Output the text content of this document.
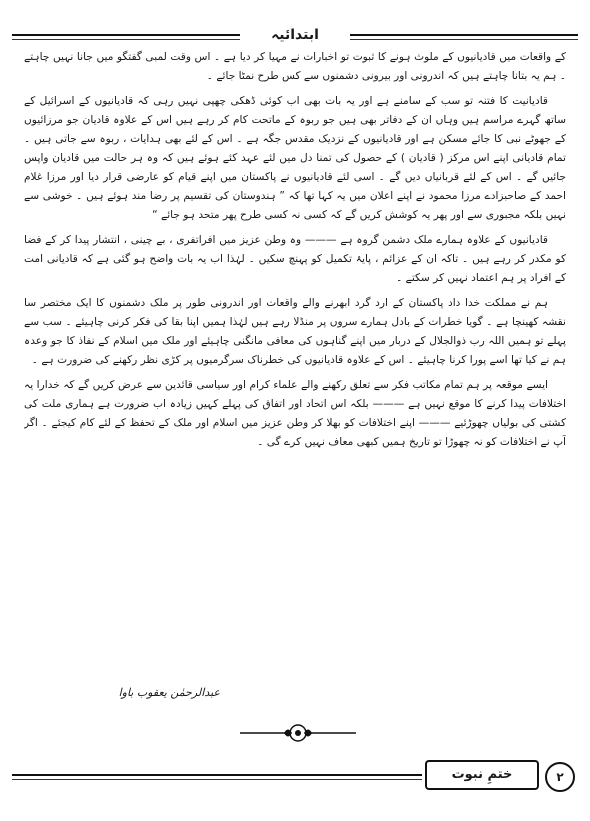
ابتدائیہ

کے واقعات میں قادیانیوں کے ملوث ہونے کا ثبوت تو اخبارات نے مہیا کر دیا ہے ۔ اس وقت لمبی گفتگو میں جانا نہیں چاہتے ۔ ہم یہ بتانا چاہتے ہیں کہ اندرونی اور بیرونی دشمنوں سے کس طرح نمٹا جائے ۔

قادیانیت کا فتنہ تو سب کے سامنے ہے اور یہ بات بھی اب کوئی ڈھکی چھپی نہیں رہی کہ قادیانیوں کے اسرائیل کے ساتھ گہرے مراسم ہیں وہاں ان کے دفاتر بھی ہیں جو ربوہ کے ماتحت کام کر رہے ہیں اس کے علاوہ قادیان جو مرزائیوں کے جھوٹے نبی کا جائے مسکن ہے اور قادیانیوں کے نزدیک مقدس جگہ ہے ۔ اس کے لئے بھی ہدایات ، ربوہ سے جاتی ہیں ۔ تمام قادیانی اپنے اس مرکز ( قادیان ) کے حصول کی تمنا دل میں لئے عہد کئے ہوئے ہیں کہ وہ ہر حالت میں قادیان واپس جائیں گے ۔ اس کے لئے قربانیاں دیں گے ۔ اسی لئے قادیانیوں نے پاکستان میں اپنے قیام کو عارضی قرار دیا اور مرزا غلام احمد کے صاحبزادے مرزا محمود نے اپنے اعلان میں یہ کہا تھا کہ ” ہندوستان کی تقسیم پر رضا مند ہوئے ہیں ۔ خوشی سے نہیں بلکہ مجبوری سے اور پھر یہ کوشش کریں گے کہ کسی نہ کسی طرح پھر متحد ہو جائے “

قادیانیوں کے علاوہ ہمارے ملک دشمن گروہ ہے ——— وہ وطن عزیز میں افراتفری ، بے چینی ، انتشار پیدا کر کے فضا کو مکدر کر رہے ہیں ۔ تاکہ ان کے عزائم ، پایۂ تکمیل کو پہنچ سکیں ۔ لہٰذا اب یہ بات واضح ہو گئی ہے کہ قادیانی امت کے افراد پر ہم اعتماد نہیں کر سکتے ۔

ہم نے مملکت خدا داد پاکستان کے ارد گرد ابھرنے والے واقعات اور اندرونی طور پر ملک دشمنوں کا ایک مختصر سا نقشہ کھینچا ہے ۔ گویا خطرات کے بادل ہمارے سروں پر منڈلا رہے ہیں لہٰذا ہمیں اپنا بقا کی فکر کرنی چاہیئے ۔ سب سے پہلے تو ہمیں اللہ رب ذوالجلال کے دربار میں اپنے گناہوں کی معافی مانگنی چاہیئے اور ملک میں اسلام کے نفاذ کا جو وعدہ ہم نے کیا تھا اسے پورا کرنا چاہیئے ۔ اس کے علاوہ قادیانیوں کی خطرناک سرگرمیوں پر کڑی نظر رکھنے کی ضرورت ہے ۔

ایسے موقعہ پر ہم تمام مکاتب فکر سے تعلق رکھنے والے علماء کرام اور سیاسی قائدین سے عرض کریں گے کہ خدارا یہ اختلافات پیدا کرنے کا موقع نہیں ہے ——— بلکہ اس اتحاد اور اتفاق کی پہلے کہیں زیادہ اب ضرورت ہے ہماری ملت کی کشتی کی بولیاں چھوڑئیے ——— اپنے اختلافات کو بھلا کر وطن عزیز میں اسلام اور ملک کے تحفظ کے لئے کام کیجئے ۔ اگر آپ نے اختلافات کو نہ چھوڑا تو تاریخ ہمیں کبھی معاف نہیں کرے گی ۔

عبدالرحمٰن یعقوب باوا
ختمِ نبوت	۲
